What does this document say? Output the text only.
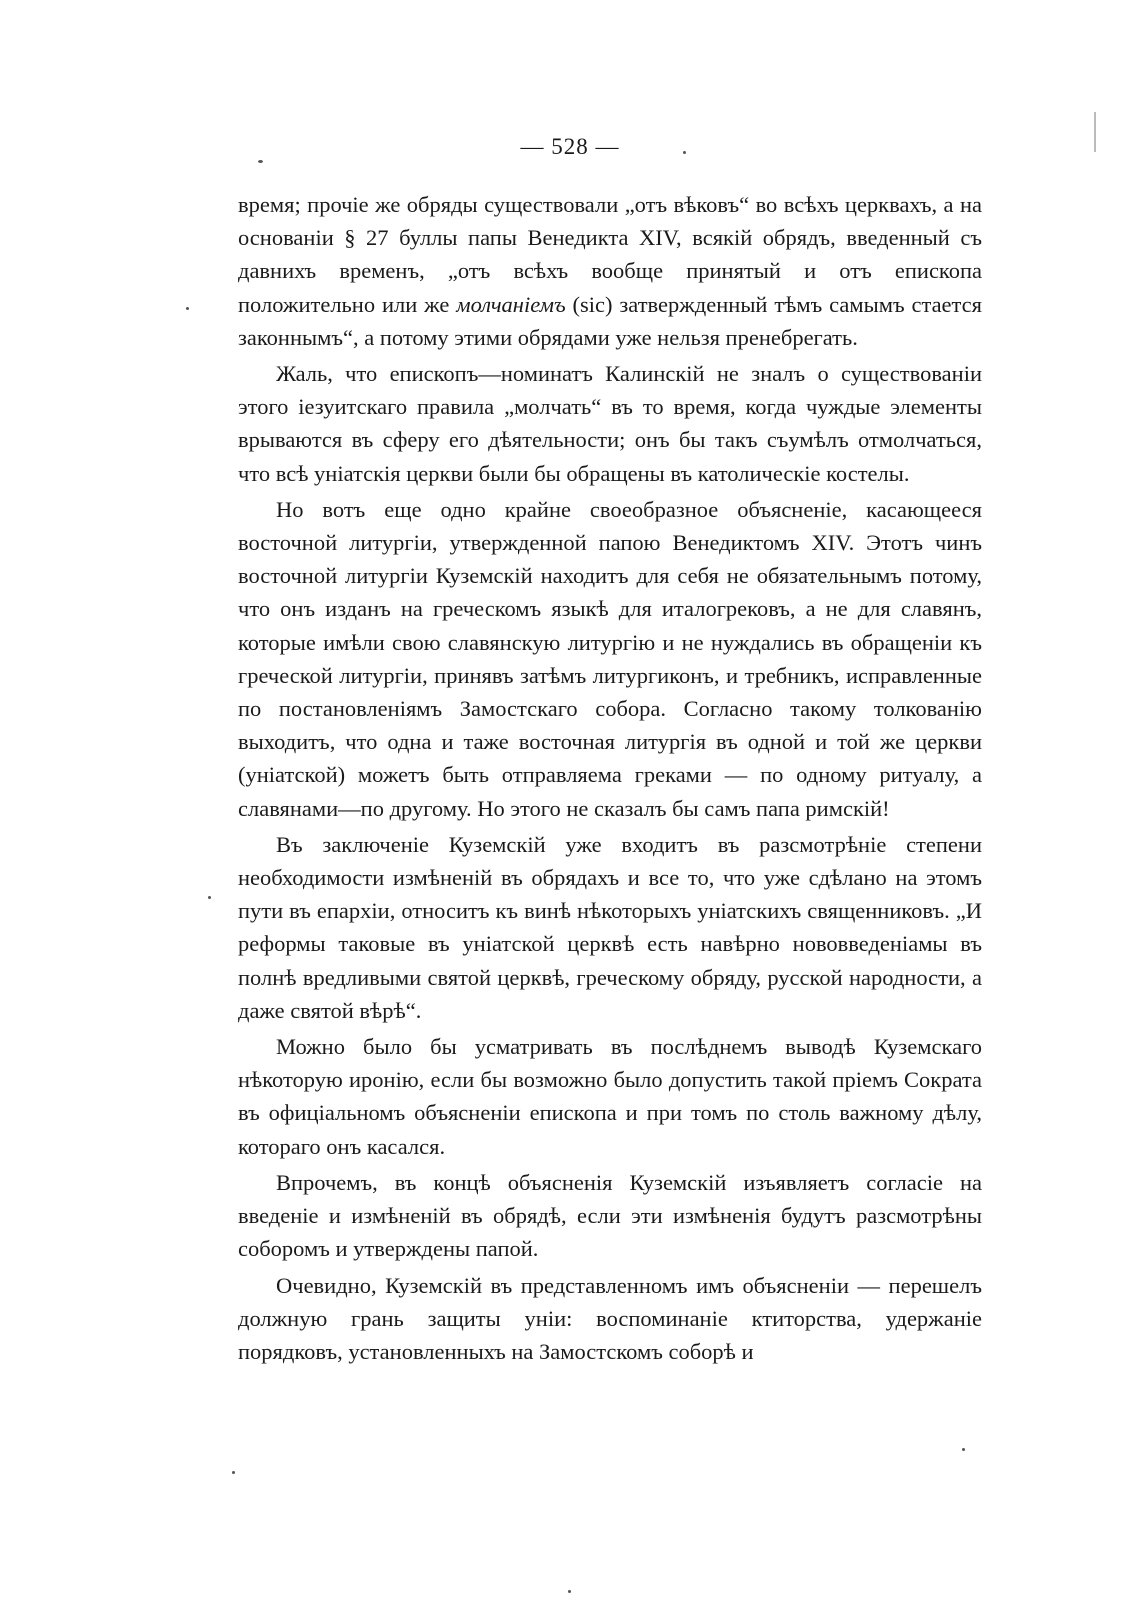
— 528 —

время; прочіе же обряды существовали „отъ вѣковъ“ во всѣхъ церквахъ, а на основаніи § 27 буллы папы Венедикта XIV, всякій обрядъ, введенный съ давнихъ временъ, „отъ всѣхъ вообще принятый и отъ епископа положительно или же молчаніемъ (sic) затвержденный тѣмъ самымъ стается законнымъ“, а потому этими обрядами уже нельзя пренебрегать.

Жаль, что епископъ—номинатъ Калинскій не зналъ о существованіи этого іезуитскаго правила „молчать“ въ то время, когда чуждые элементы врываются въ сферу его дѣятельности; онъ бы такъ съумѣлъ отмолчаться, что всѣ уніатскія церкви были бы обращены въ католическіе костелы.

Но вотъ еще одно крайне своеобразное объясненіе, касающееся восточной литургіи, утвержденной папою Венедиктомъ XIV. Этотъ чинъ восточной литургіи Куземскій находитъ для себя не обязательнымъ потому, что онъ изданъ на греческомъ языкѣ для италогрековъ, а не для славянъ, которые имѣли свою славянскую литургію и не нуждались въ обращеніи къ греческой литургіи, принявъ затѣмъ литургиконъ, и требникъ, исправленные по постановленіямъ Замостскаго собора. Согласно такому толкованію выходитъ, что одна и таже восточная литургія въ одной и той же церкви (уніатской) можетъ быть отправляема греками — по одному ритуалу, а славянами—по другому. Но этого не сказалъ бы самъ папа римскій!

Въ заключеніе Куземскій уже входитъ въ разсмотрѣніе степени необходимости измѣненій въ обрядахъ и все то, что уже сдѣлано на этомъ пути въ епархіи, относитъ къ винѣ нѣкоторыхъ уніатскихъ священниковъ. „И реформы таковые въ уніатской церквѣ есть навѣрно нововведеніамы въ полнѣ вредливыми святой церквѣ, греческому обряду, русской народности, а даже святой вѣрѣ“.

Можно было бы усматривать въ послѣднемъ выводѣ Куземскаго нѣкоторую иронію, если бы возможно было допустить такой пріемъ Сократа въ офиціальномъ объясненіи епископа и при томъ по столь важному дѣлу, котораго онъ касался.

Впрочемъ, въ концѣ объясненія Куземскій изъявляетъ согласіе на введеніе и измѣненій въ обрядѣ, если эти измѣненія будутъ разсмотрѣны соборомъ и утверждены папой.

Очевидно, Куземскій въ представленномъ имъ объясненіи — перешелъ должную грань защиты уніи: воспоминаніе ктиторства, удержаніе порядковъ, установленныхъ на Замостскомъ соборѣ и
